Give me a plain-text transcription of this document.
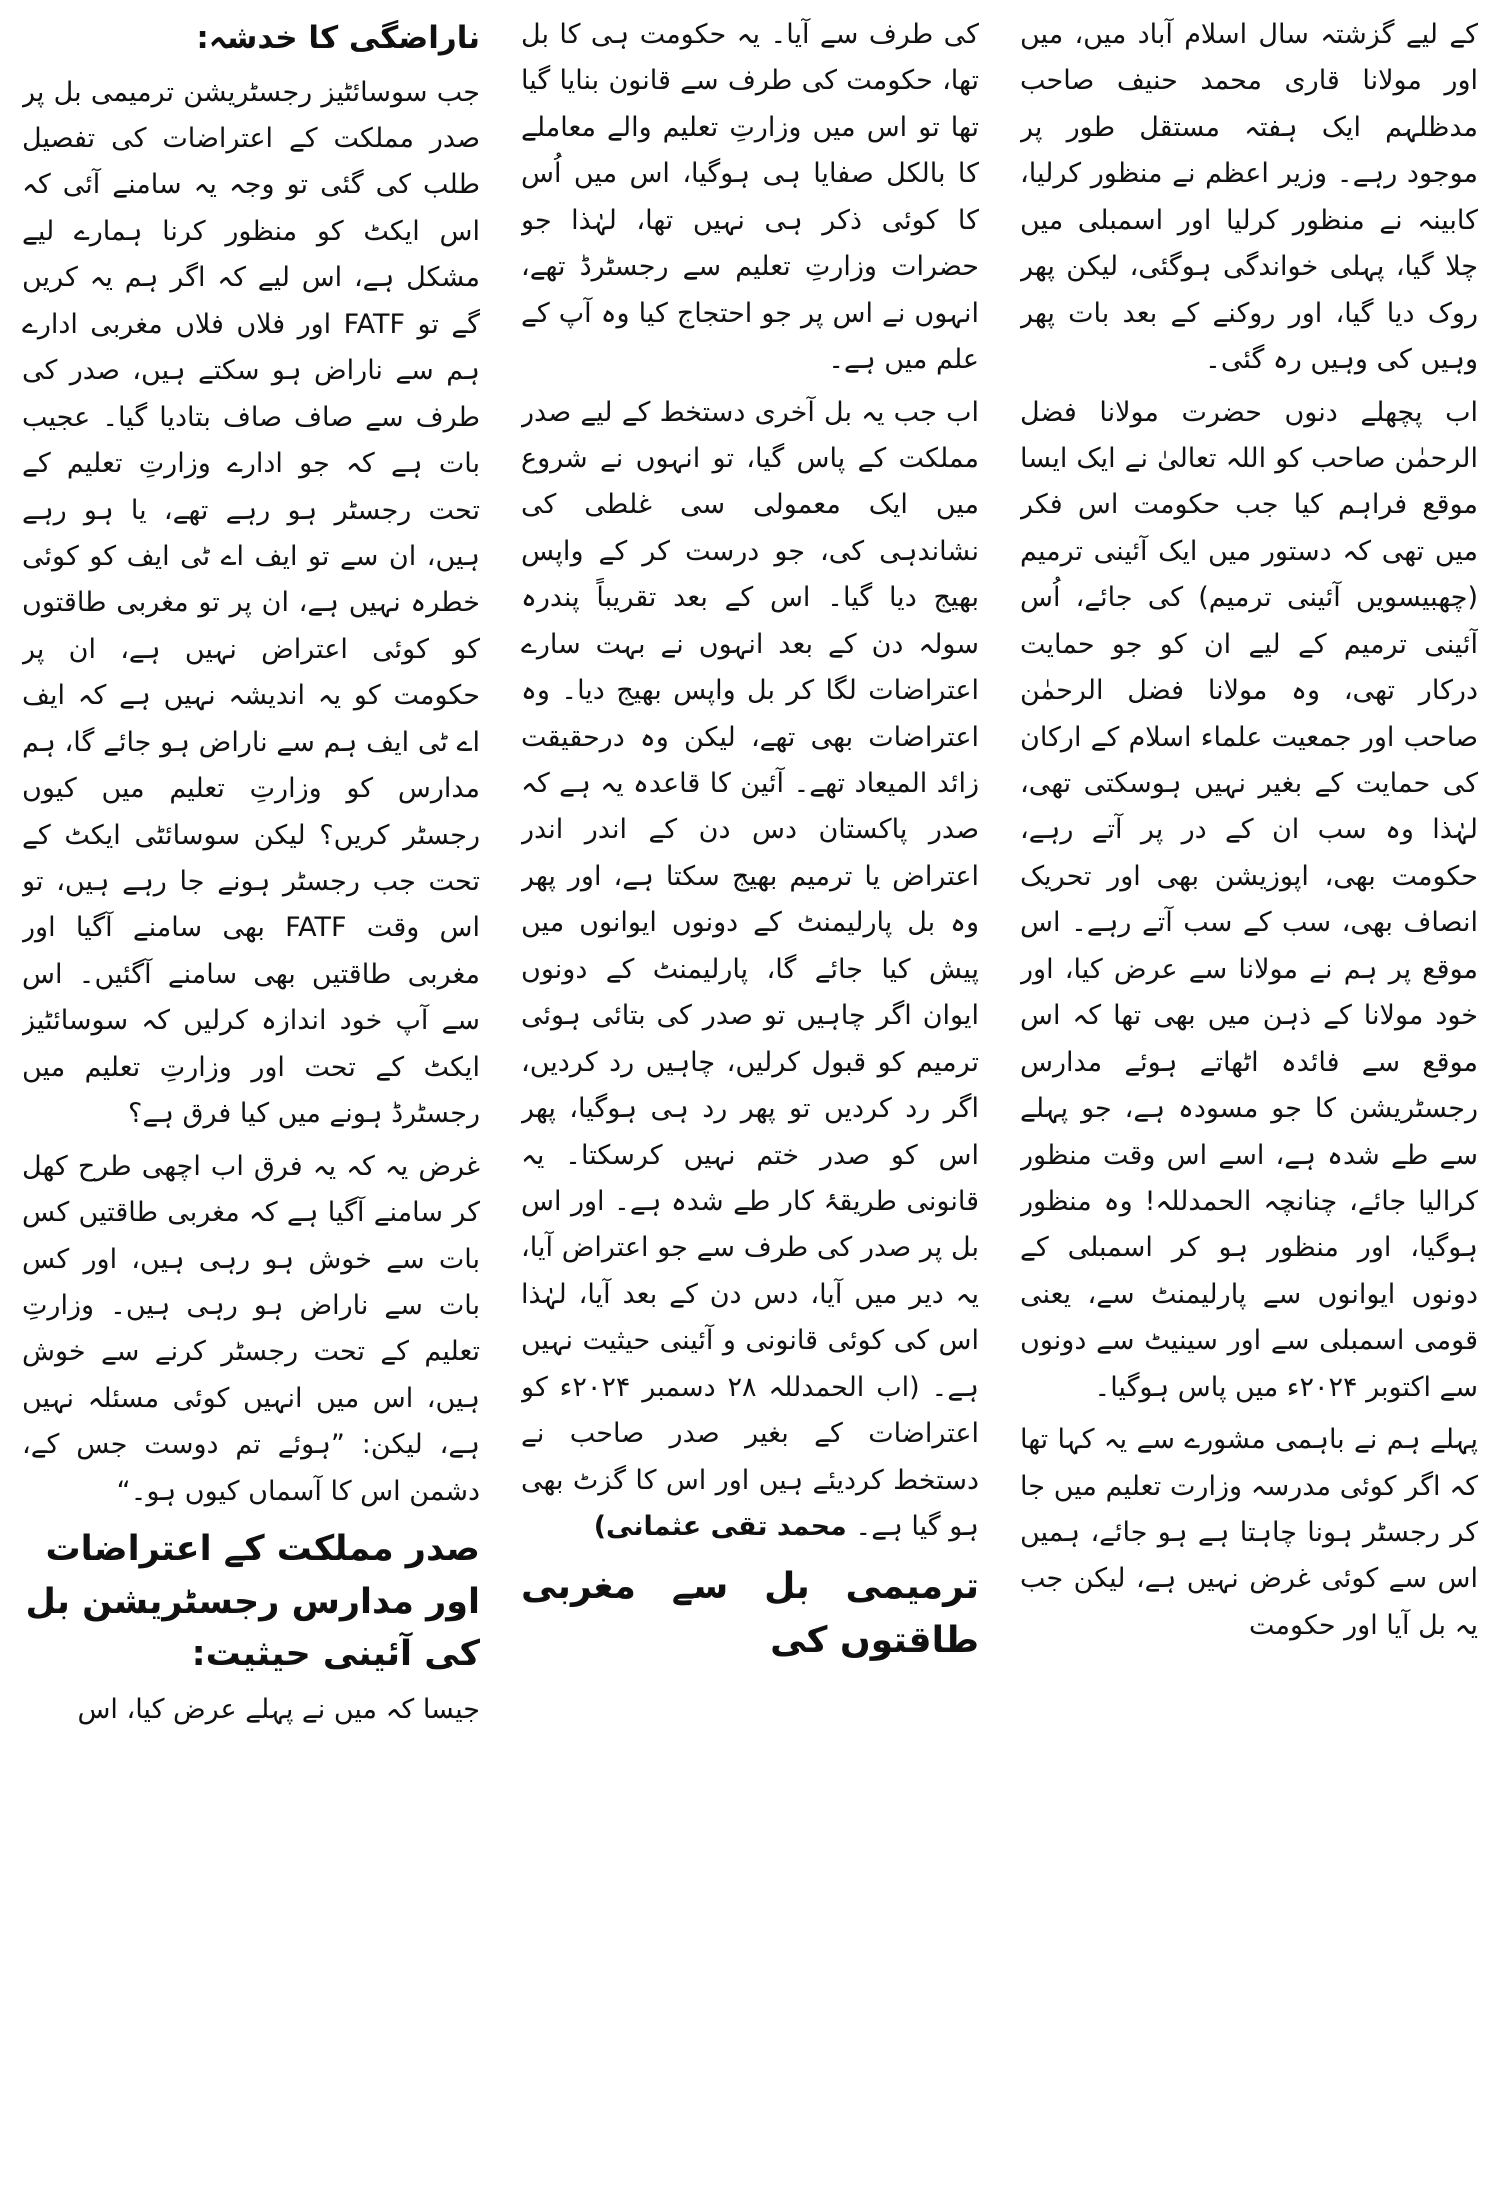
کے لیے گزشتہ سال اسلام آباد میں، میں اور مولانا قاری محمد حنیف صاحب مدظلہم ایک ہفتہ مستقل طور پر موجود رہے۔ وزیر اعظم نے منظور کرلیا، کابینہ نے منظور کرلیا اور اسمبلی میں چلا گیا، پہلی خواندگی ہوگئی، لیکن پھر روک دیا گیا، اور روکنے کے بعد بات پھر وہیں کی وہیں رہ گئی۔

اب پچھلے دنوں حضرت مولانا فضل الرحمٰن صاحب کو اللہ تعالیٰ نے ایک ایسا موقع فراہم کیا جب حکومت اس فکر میں تھی کہ دستور میں ایک آئینی ترمیم (چھبیسویں آئینی ترمیم) کی جائے، اُس آئینی ترمیم کے لیے ان کو جو حمایت درکار تھی، وہ مولانا فضل الرحمٰن صاحب اور جمعیت علماء اسلام کے ارکان کی حمایت کے بغیر نہیں ہوسکتی تھی، لہٰذا وہ سب ان کے در پر آتے رہے، حکومت بھی، اپوزیشن بھی اور تحریک انصاف بھی، سب کے سب آتے رہے۔ اس موقع پر ہم نے مولانا سے عرض کیا، اور خود مولانا کے ذہن میں بھی تھا کہ اس موقع سے فائدہ اٹھاتے ہوئے مدارس رجسٹریشن کا جو مسودہ ہے، جو پہلے سے طے شدہ ہے، اسے اس وقت منظور کرالیا جائے، چنانچہ الحمدللہ! وہ منظور ہوگیا، اور منظور ہو کر اسمبلی کے دونوں ایوانوں سے پارلیمنٹ سے، یعنی قومی اسمبلی سے اور سینیٹ سے دونوں سے اکتوبر ۲۰۲۴ء میں پاس ہوگیا۔

پہلے ہم نے باہمی مشورے سے یہ کہا تھا کہ اگر کوئی مدرسہ وزارت تعلیم میں جا کر رجسٹر ہونا چاہتا ہے ہو جائے، ہمیں اس سے کوئی غرض نہیں ہے، لیکن جب یہ بل آیا اور حکومت

کی طرف سے آیا۔ یہ حکومت ہی کا بل تھا، حکومت کی طرف سے قانون بنایا گیا تھا تو اس میں وزارتِ تعلیم والے معاملے کا بالکل صفایا ہی ہوگیا، اس میں اُس کا کوئی ذکر ہی نہیں تھا، لہٰذا جو حضرات وزارتِ تعلیم سے رجسٹرڈ تھے، انہوں نے اس پر جو احتجاج کیا وہ آپ کے علم میں ہے۔

اب جب یہ بل آخری دستخط کے لیے صدر مملکت کے پاس گیا، تو انہوں نے شروع میں ایک معمولی سی غلطی کی نشاندہی کی، جو درست کر کے واپس بھیج دیا گیا۔ اس کے بعد تقریباً پندرہ سولہ دن کے بعد انہوں نے بہت سارے اعتراضات لگا کر بل واپس بھیج دیا۔ وہ اعتراضات بھی تھے، لیکن وہ درحقیقت زائد المیعاد تھے۔ آئین کا قاعدہ یہ ہے کہ صدر پاکستان دس دن کے اندر اندر اعتراض یا ترمیم بھیج سکتا ہے، اور پھر وہ بل پارلیمنٹ کے دونوں ایوانوں میں پیش کیا جائے گا، پارلیمنٹ کے دونوں ایوان اگر چاہیں تو صدر کی بتائی ہوئی ترمیم کو قبول کرلیں، چاہیں رد کردیں، اگر رد کردیں تو پھر رد ہی ہوگیا، پھر اس کو صدر ختم نہیں کرسکتا۔ یہ قانونی طریقۂ کار طے شدہ ہے۔ اور اس بل پر صدر کی طرف سے جو اعتراض آیا، یہ دیر میں آیا، دس دن کے بعد آیا، لہٰذا اس کی کوئی قانونی و آئینی حیثیت نہیں ہے۔ (اب الحمدللہ ۲۸ دسمبر ۲۰۲۴ء کو اعتراضات کے بغیر صدر صاحب نے دستخط کردیئے ہیں اور اس کا گزٹ بھی ہو گیا ہے۔ محمد تقی عثمانی)

ترمیمی بل سے مغربی طاقتوں کی
ناراضگی کا خدشہ:

جب سوسائٹیز رجسٹریشن ترمیمی بل پر صدر مملکت کے اعتراضات کی تفصیل طلب کی گئی تو وجہ یہ سامنے آئی کہ اس ایکٹ کو منظور کرنا ہمارے لیے مشکل ہے، اس لیے کہ اگر ہم یہ کریں گے تو FATF اور فلاں فلاں مغربی ادارے ہم سے ناراض ہو سکتے ہیں، صدر کی طرف سے صاف صاف بتادیا گیا۔ عجیب بات ہے کہ جو ادارے وزارتِ تعلیم کے تحت رجسٹر ہو رہے تھے، یا ہو رہے ہیں، ان سے تو ایف اے ٹی ایف کو کوئی خطرہ نہیں ہے، ان پر تو مغربی طاقتوں کو کوئی اعتراض نہیں ہے، ان پر حکومت کو یہ اندیشہ نہیں ہے کہ ایف اے ٹی ایف ہم سے ناراض ہو جائے گا، ہم مدارس کو وزارتِ تعلیم میں کیوں رجسٹر کریں؟ لیکن سوسائٹی ایکٹ کے تحت جب رجسٹر ہونے جا رہے ہیں، تو اس وقت FATF بھی سامنے آگیا اور مغربی طاقتیں بھی سامنے آگئیں۔ اس سے آپ خود اندازہ کرلیں کہ سوسائٹیز ایکٹ کے تحت اور وزارتِ تعلیم میں رجسٹرڈ ہونے میں کیا فرق ہے؟

غرض یہ کہ یہ فرق اب اچھی طرح کھل کر سامنے آگیا ہے کہ مغربی طاقتیں کس بات سے خوش ہو رہی ہیں، اور کس بات سے ناراض ہو رہی ہیں۔ وزارتِ تعلیم کے تحت رجسٹر کرنے سے خوش ہیں، اس میں انہیں کوئی مسئلہ نہیں ہے، لیکن: ”ہوئے تم دوست جس کے، دشمن اس کا آسماں کیوں ہو۔“

صدر مملکت کے اعتراضات اور مدارس رجسٹریشن بل کی آئینی حیثیت:

جیسا کہ میں نے پہلے عرض کیا، اس
